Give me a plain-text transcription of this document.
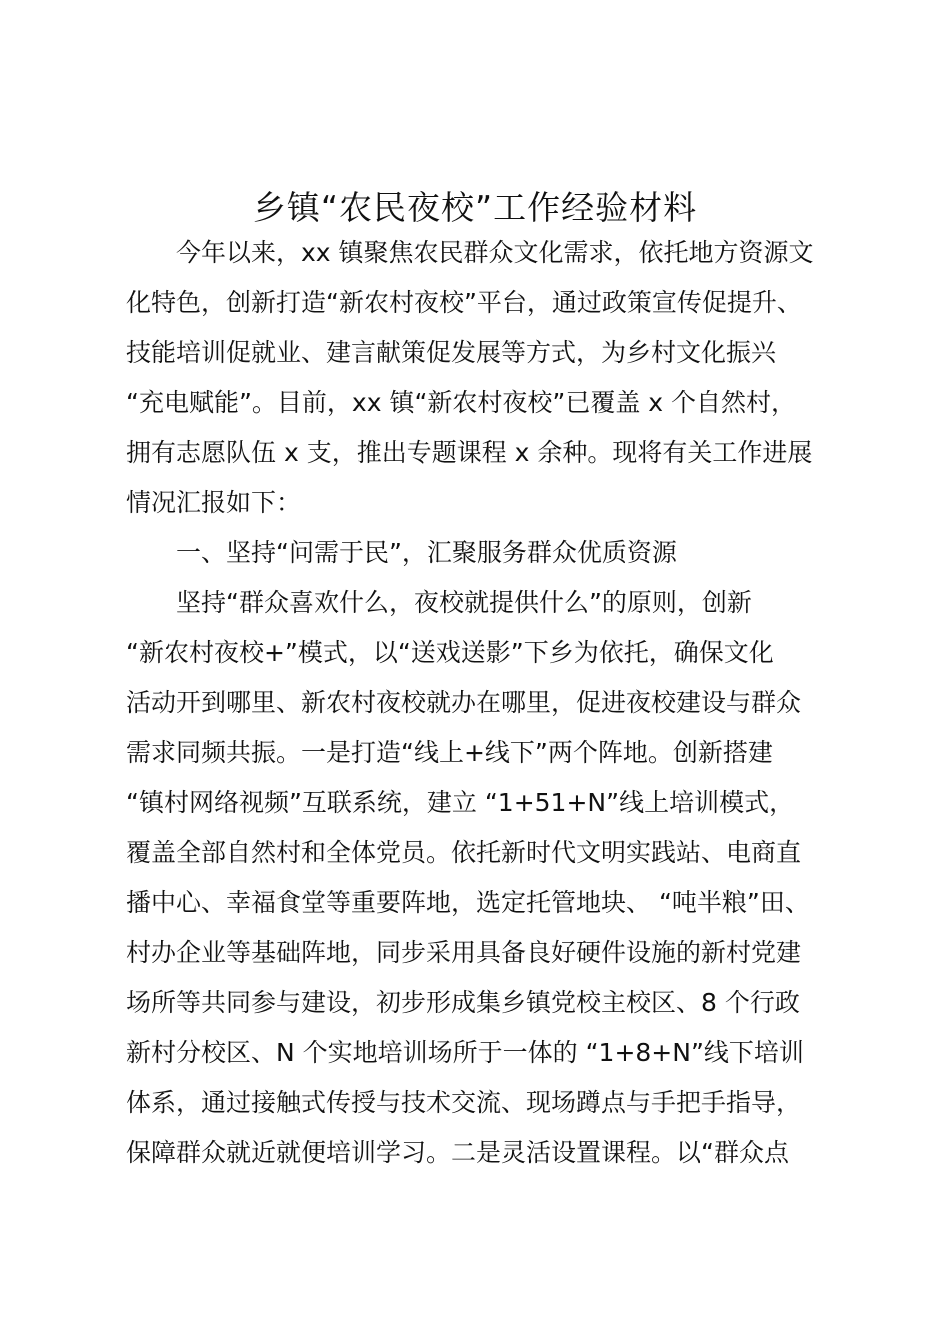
乡镇“农民夜校”工作经验材料
今年以来，xx 镇聚焦农民群众文化需求，依托地方资源文
化特色，创新打造“新农村夜校”平台，通过政策宣传促提升、
技能培训促就业、建言献策促发展等方式，为乡村文化振兴
“充电赋能”。目前，xx 镇“新农村夜校”已覆盖 x 个自然村，
拥有志愿队伍 x 支，推出专题课程 x 余种。现将有关工作进展
情况汇报如下：
一、坚持“问需于民”，汇聚服务群众优质资源
坚持“群众喜欢什么，夜校就提供什么”的原则，创新
“新农村夜校+”模式，以“送戏送影”下乡为依托，确保文化
活动开到哪里、新农村夜校就办在哪里，促进夜校建设与群众
需求同频共振。一是打造“线上+线下”两个阵地。创新搭建
“镇村网络视频”互联系统，建立 “1+51+N”线上培训模式，
覆盖全部自然村和全体党员。依托新时代文明实践站、电商直
播中心、幸福食堂等重要阵地，选定托管地块、 “吨半粮”田、
村办企业等基础阵地，同步采用具备良好硬件设施的新村党建
场所等共同参与建设，初步形成集乡镇党校主校区、8 个行政
新村分校区、N 个实地培训场所于一体的 “1+8+N”线下培训
体系，通过接触式传授与技术交流、现场蹲点与手把手指导，
保障群众就近就便培训学习。二是灵活设置课程。以“群众点
